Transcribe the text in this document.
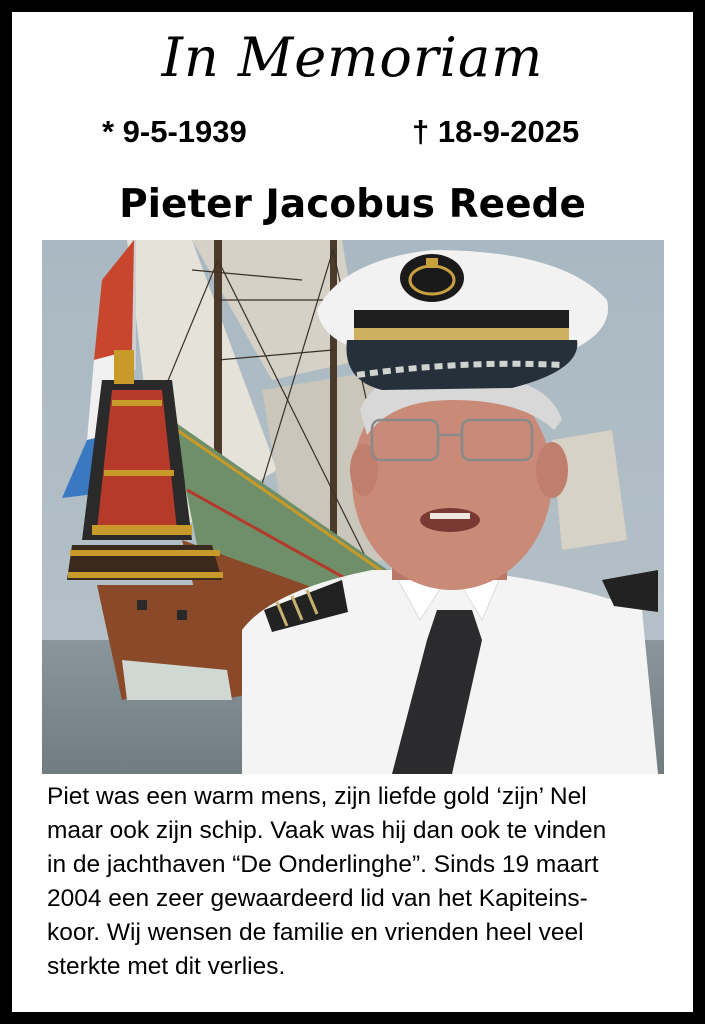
In Memoriam
* 9-5-1939	† 18-9-2025
Pieter Jacobus Reede

Piet was een warm mens, zijn liefde gold ‘zijn’ Nel

maar ook zijn schip. Vaak was hij dan ook te vinden

in de jachthaven “De Onderlinghe”. Sinds 19 maart

2004 een zeer gewaardeerd lid van het Kapiteins-

koor. Wij wensen de familie en vrienden heel veel

sterkte met dit verlies.
